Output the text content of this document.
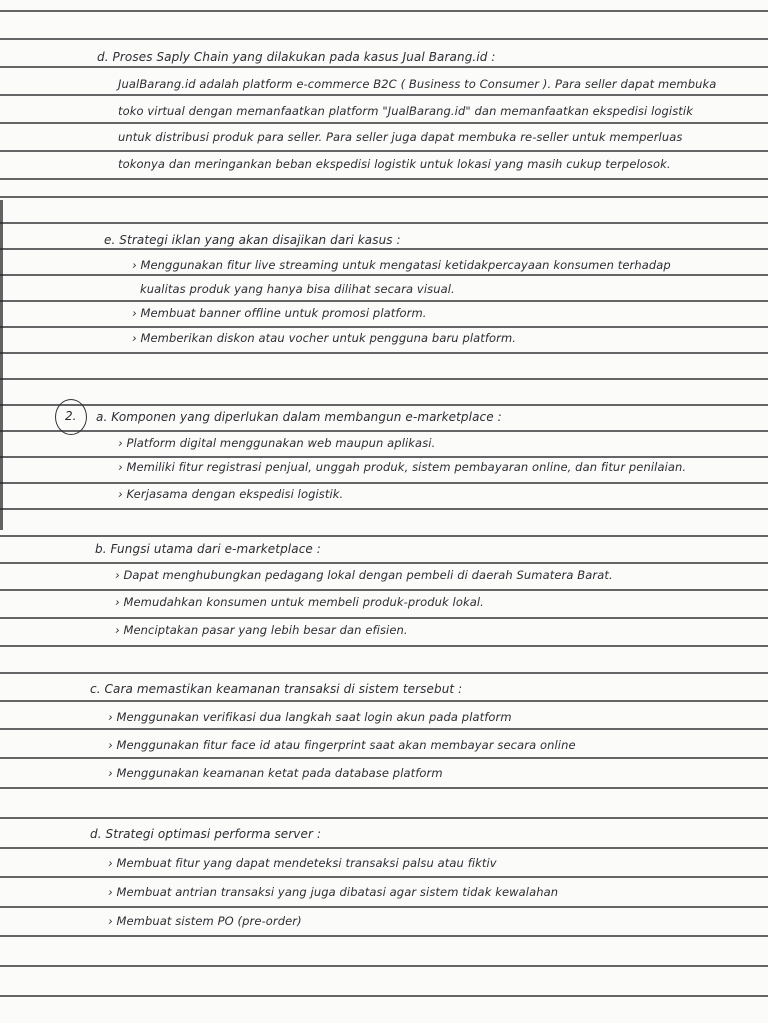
d. Proses Saply Chain yang dilakukan pada kasus Jual Barang.id :
JualBarang.id adalah platform e-commerce B2C ( Business to Consumer ). Para seller dapat membuka
toko virtual dengan memanfaatkan platform "JualBarang.id" dan memanfaatkan ekspedisi logistik
untuk distribusi produk para seller. Para seller juga dapat membuka re-seller untuk memperluas
tokonya dan meringankan beban ekspedisi logistik untuk lokasi yang masih cukup terpelosok.
e. Strategi iklan yang akan disajikan dari kasus :
› Menggunakan fitur live streaming untuk mengatasi ketidakpercayaan konsumen terhadap
kualitas produk yang hanya bisa dilihat secara visual.
› Membuat banner offline untuk promosi platform.
› Memberikan diskon atau vocher untuk pengguna baru platform.
2. a. Komponen yang diperlukan dalam membangun e-marketplace :
› Platform digital menggunakan web maupun aplikasi.
› Memiliki fitur registrasi penjual, unggah produk, sistem pembayaran online, dan fitur penilaian.
› Kerjasama dengan ekspedisi logistik.
b. Fungsi utama dari e-marketplace :
› Dapat menghubungkan pedagang lokal dengan pembeli di daerah Sumatera Barat.
› Memudahkan konsumen untuk membeli produk-produk lokal.
› Menciptakan pasar yang lebih besar dan efisien.
c. Cara memastikan keamanan transaksi di sistem tersebut :
› Menggunakan verifikasi dua langkah saat login akun pada platform
› Menggunakan fitur face id atau fingerprint saat akan membayar secara online
› Menggunakan keamanan ketat pada database platform
d. Strategi optimasi performa server :
› Membuat fitur yang dapat mendeteksi transaksi palsu atau fiktiv
› Membuat antrian transaksi yang juga dibatasi agar sistem tidak kewalahan
› Membuat sistem PO (pre-order)
